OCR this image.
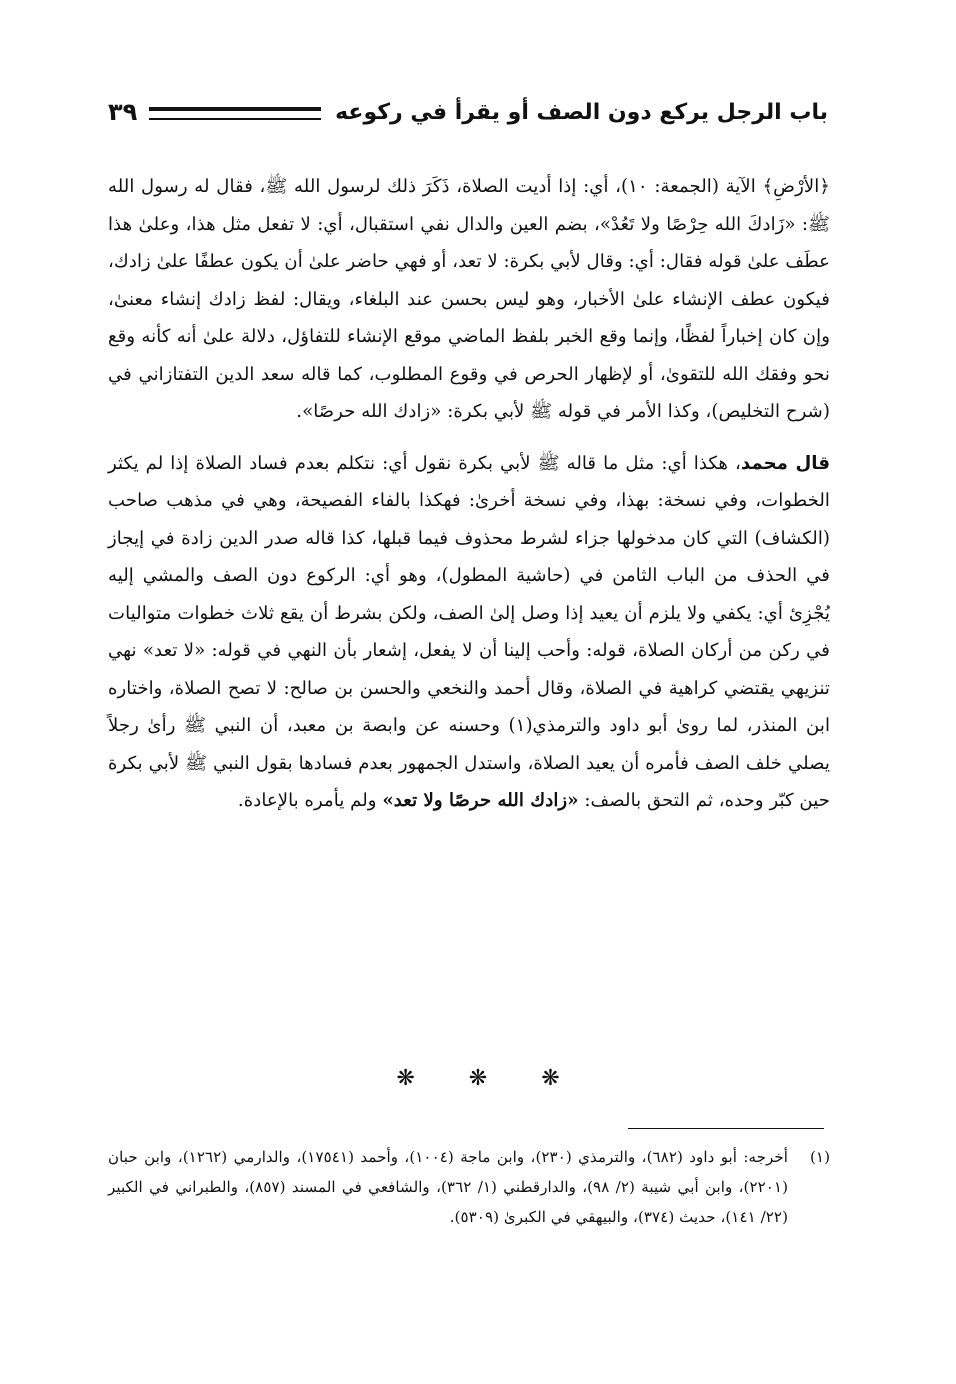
باب الرجل يركع دون الصف أو يقرأ في ركوعه
٣٩

﴿الأرْضِ﴾ الآية (الجمعة: ١٠)، أي: إذا أديت الصلاة، ذَكَرَ ذلك لرسول الله ﷺ، فقال له رسول الله ﷺ: «زَادكَ الله حِرْصًا ولا تَعُدْ»، بضم العين والدال نفي استقبال، أي: لا تفعل مثل هذا، وعلىٰ هذا عطَف علىٰ قوله فقال: أي: وقال لأبي بكرة: لا تعد، أو فهي حاضر علىٰ أن يكون عطفًا علىٰ زادك، فيكون عطف الإنشاء علىٰ الأخبار، وهو ليس بحسن عند البلغاء، ويقال: لفظ زادك إنشاء معنىٰ، وإن كان إخباراً لفظًا، وإنما وقع الخبر بلفظ الماضي موقع الإنشاء للتفاؤل، دلالة علىٰ أنه كأنه وقع نحو وفقك الله للتقوىٰ، أو لإظهار الحرص في وقوع المطلوب، كما قاله سعد الدين التفتازاني في (شرح التخليص)، وكذا الأمر في قوله ﷺ لأبي بكرة: «زادك الله حرصًا».

قال محمد، هكذا أي: مثل ما قاله ﷺ لأبي بكرة نقول أي: نتكلم بعدم فساد الصلاة إذا لم يكثر الخطوات، وفي نسخة: بهذا، وفي نسخة أخرىٰ: فهكذا بالفاء الفصيحة، وهي في مذهب صاحب (الكشاف) التي كان مدخولها جزاء لشرط محذوف فيما قبلها، كذا قاله صدر الدين زادة في إيجاز في الحذف من الباب الثامن في (حاشية المطول)، وهو أي: الركوع دون الصف والمشي إليه يُجْزِئ أي: يكفي ولا يلزم أن يعيد إذا وصل إلىٰ الصف، ولكن بشرط أن يقع ثلاث خطوات متواليات في ركن من أركان الصلاة، قوله: وأحب إلينا أن لا يفعل، إشعار بأن النهي في قوله: «لا تعد» نهي تنزيهي يقتضي كراهية في الصلاة، وقال أحمد والنخعي والحسن بن صالح: لا تصح الصلاة، واختاره ابن المنذر، لما روىٰ أبو داود والترمذي(١) وحسنه عن وابصة بن معبد، أن النبي ﷺ رأىٰ رجلاً يصلي خلف الصف فأمره أن يعيد الصلاة، واستدل الجمهور بعدم فسادها بقول النبي ﷺ لأبي بكرة حين كبّر وحده، ثم التحق بالصف: «زادك الله حرصًا ولا تعد» ولم يأمره بالإعادة.

❋
❋
❋
(١)
أخرجه: أبو داود (٦٨٢)، والترمذي (٢٣٠)، وابن ماجة (١٠٠٤)، وأحمد (١٧٥٤١)، والدارمي (١٢٦٢)، وابن حبان (٢٢٠١)، وابن أبي شيبة (٢/ ٩٨)، والدارقطني (١/ ٣٦٢)، والشافعي في المسند (٨٥٧)، والطبراني في الكبير (٢٢/ ١٤١)، حديث (٣٧٤)، والبيهقي في الكبرىٰ (٥٣٠٩).
